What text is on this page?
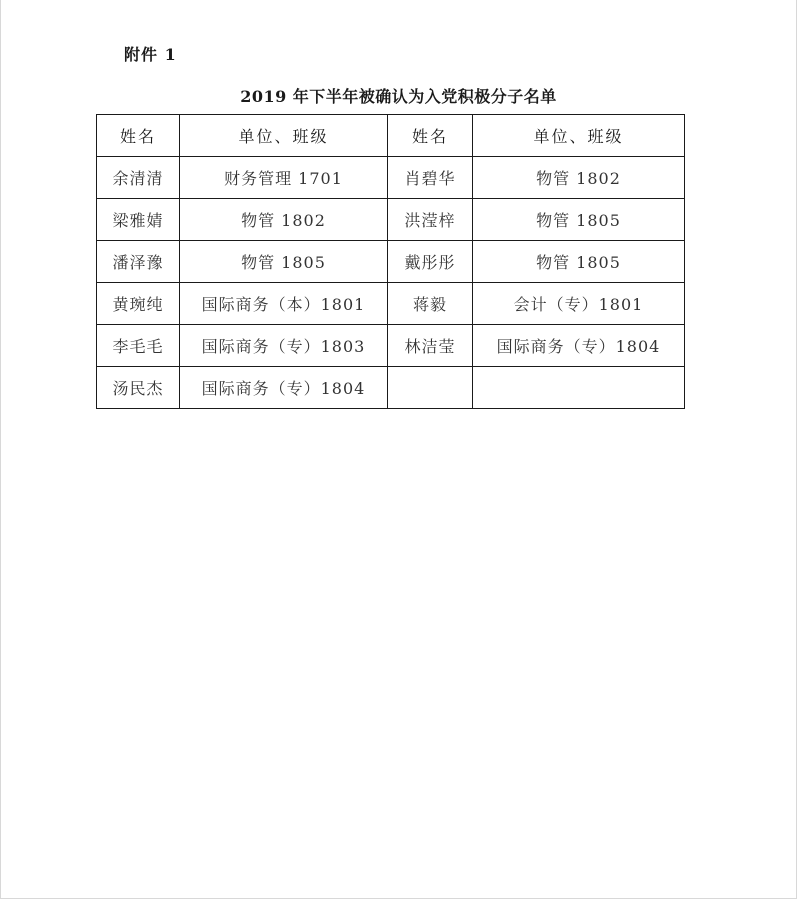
附件 1
2019 年下半年被确认为入党积极分子名单
姓名	单位、班级	姓名	单位、班级
余清清	财务管理 1701	肖碧华	物管 1802
梁雅婧	物管 1802	洪滢梓	物管 1805
潘泽豫	物管 1805	戴彤彤	物管 1805
黄琬纯	国际商务（本）1801	蒋毅	会计（专）1801
李毛毛	国际商务（专）1803	林洁莹	国际商务（专）1804
汤民杰	国际商务（专）1804		
